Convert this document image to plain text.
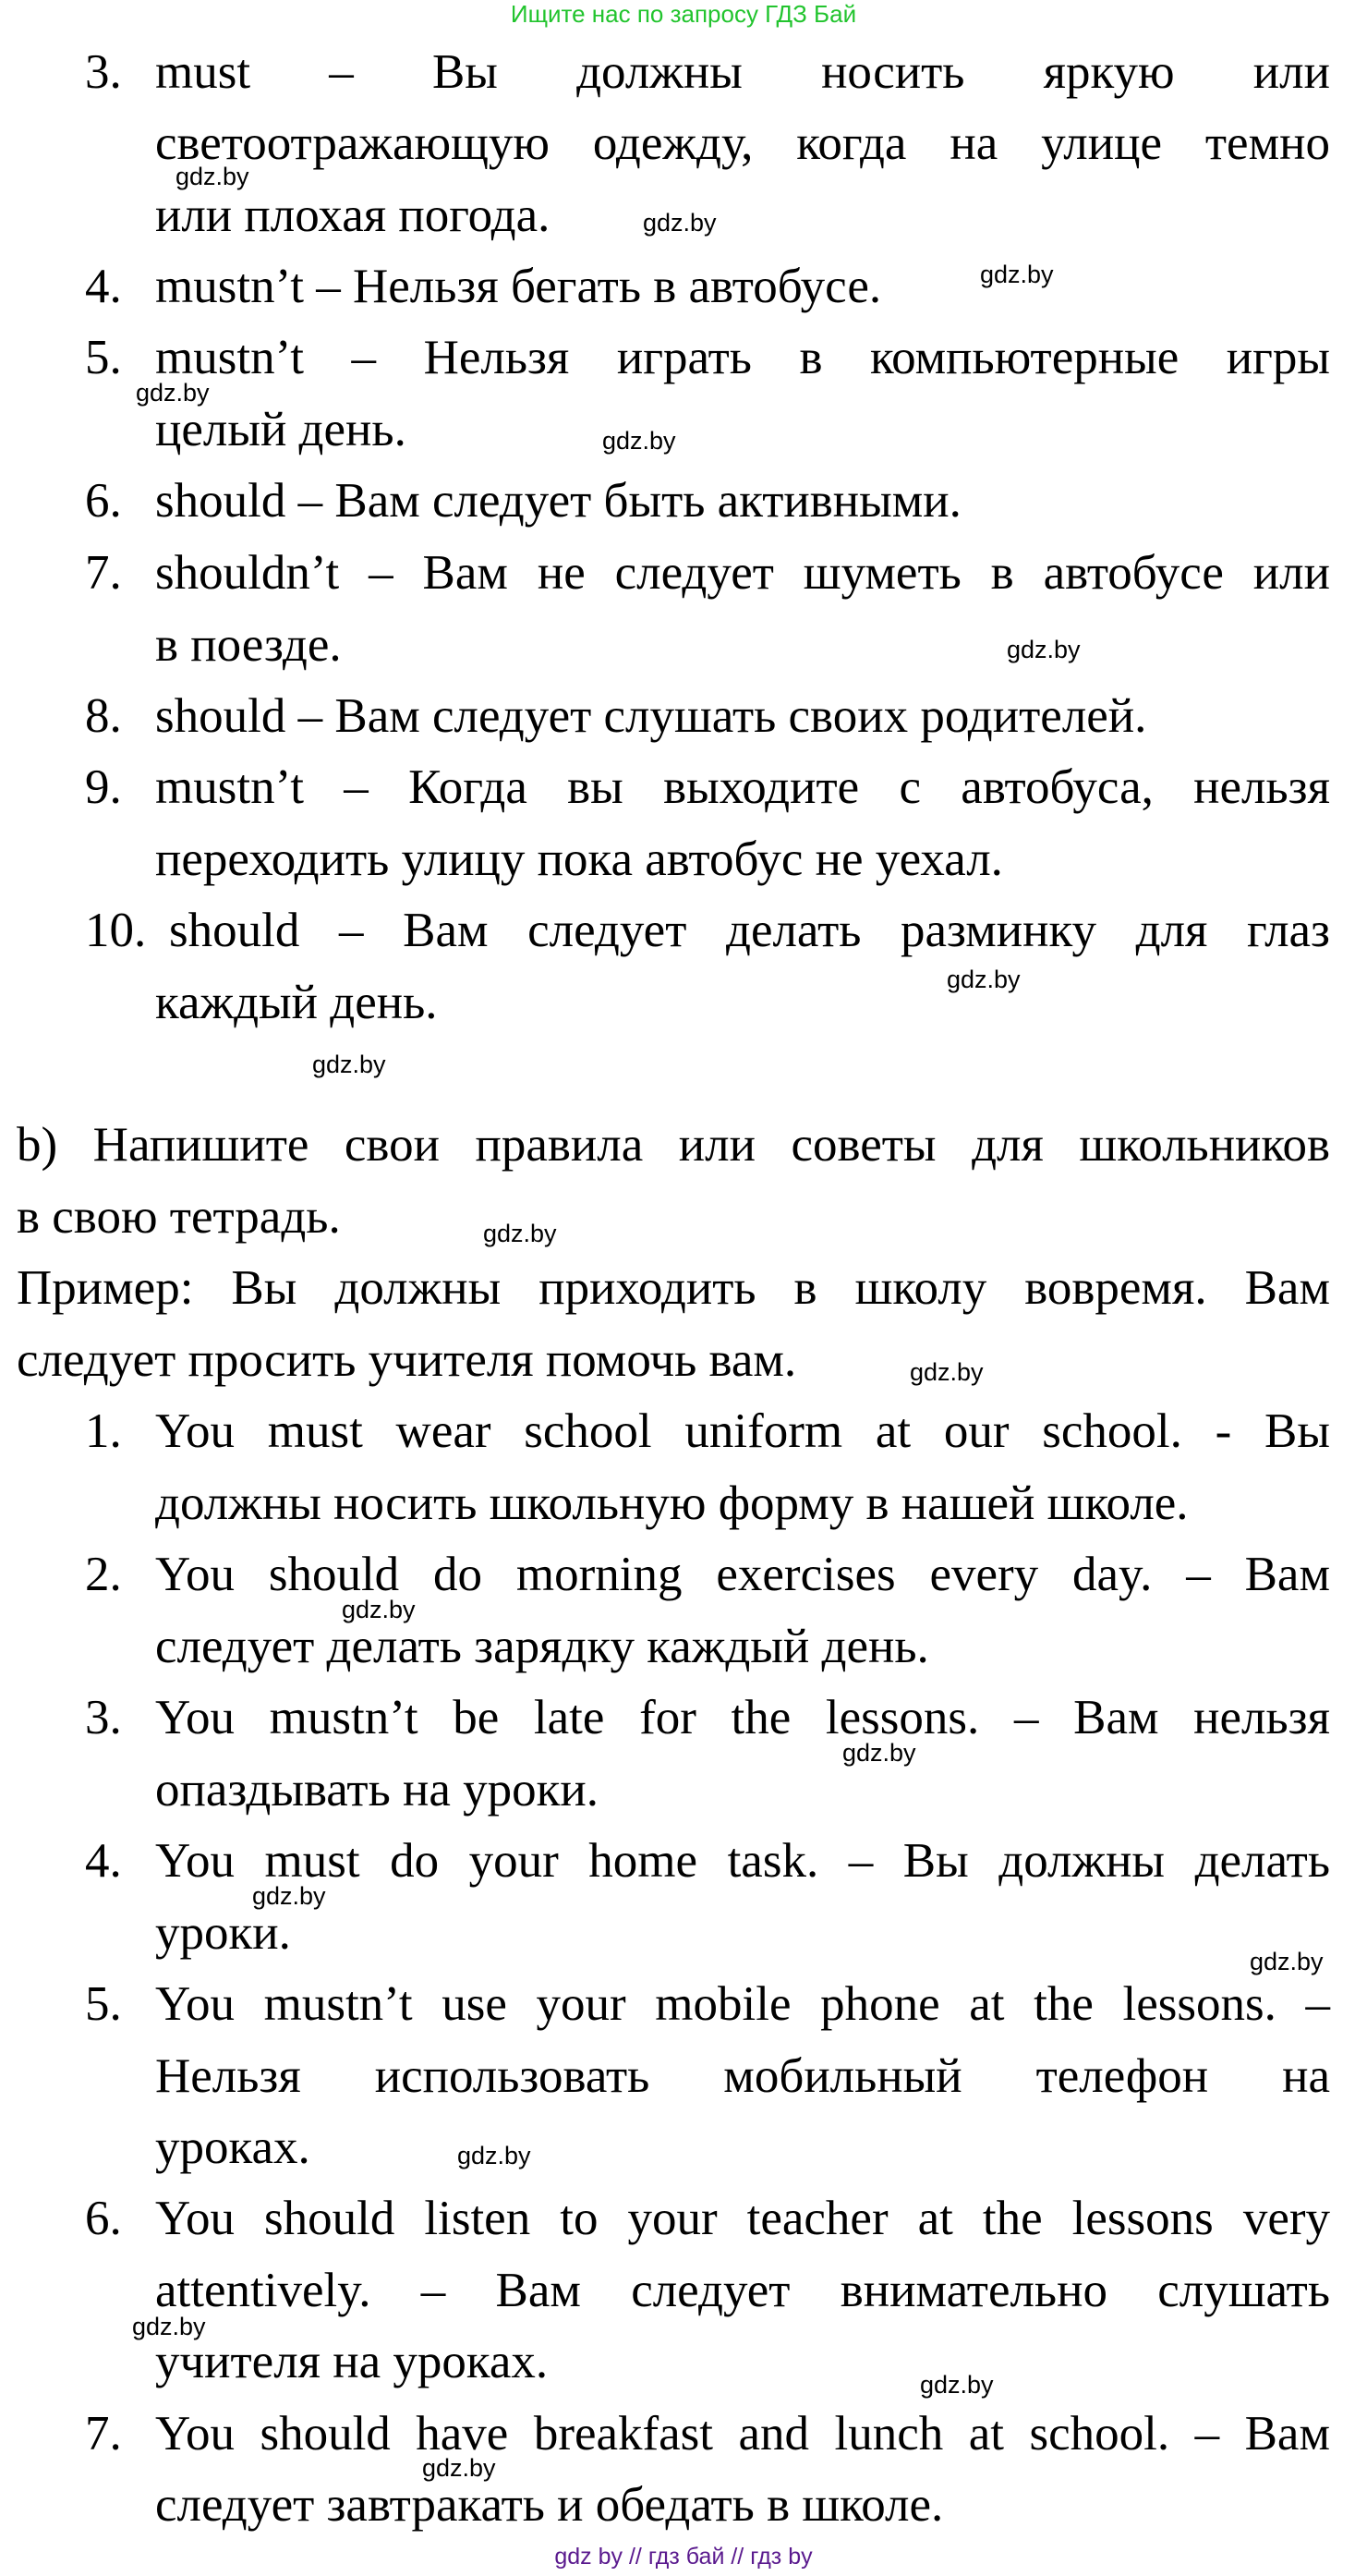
Ищите нас по запросу ГДЗ Бай
3. must – Вы должны носить яркую или
светоотражающую одежду, когда на улице темно
или плохая погода.
4. mustn’t – Нельзя бегать в автобусе.
5. mustn’t – Нельзя играть в компьютерные игры
целый день.
6. should – Вам следует быть активными.
7. shouldn’t – Вам не следует шуметь в автобусе или
в поезде.
8. should – Вам следует слушать своих родителей.
9. mustn’t – Когда вы выходите с автобуса, нельзя
переходить улицу пока автобус не уехал.
10. should – Вам следует делать разминку для глаз
каждый день.
b) Напишите свои правила или советы для школьников
в свою тетрадь.
Пример: Вы должны приходить в школу вовремя. Вам
следует просить учителя помочь вам.
1. You must wear school uniform at our school. - Вы
должны носить школьную форму в нашей школе.
2. You should do morning exercises every day. – Вам
следует делать зарядку каждый день.
3. You mustn’t be late for the lessons. – Вам нельзя
опаздывать на уроки.
4. You must do your home task. – Вы должны делать
уроки.
5. You mustn’t use your mobile phone at the lessons. –
Нельзя использовать мобильный телефон на
уроках.
6. You should listen to your teacher at the lessons very
attentively. – Вам следует внимательно слушать
учителя на уроках.
7. You should have breakfast and lunch at school. – Вам
следует завтракать и обедать в школе.
gdz.by
gdz.by
gdz.by
gdz.by
gdz.by
gdz.by
gdz.by
gdz.by
gdz.by
gdz.by
gdz.by
gdz.by
gdz.by
gdz.by
gdz.by
gdz.by
gdz.by
gdz.by
gdz by // гдз бай // гдз by
